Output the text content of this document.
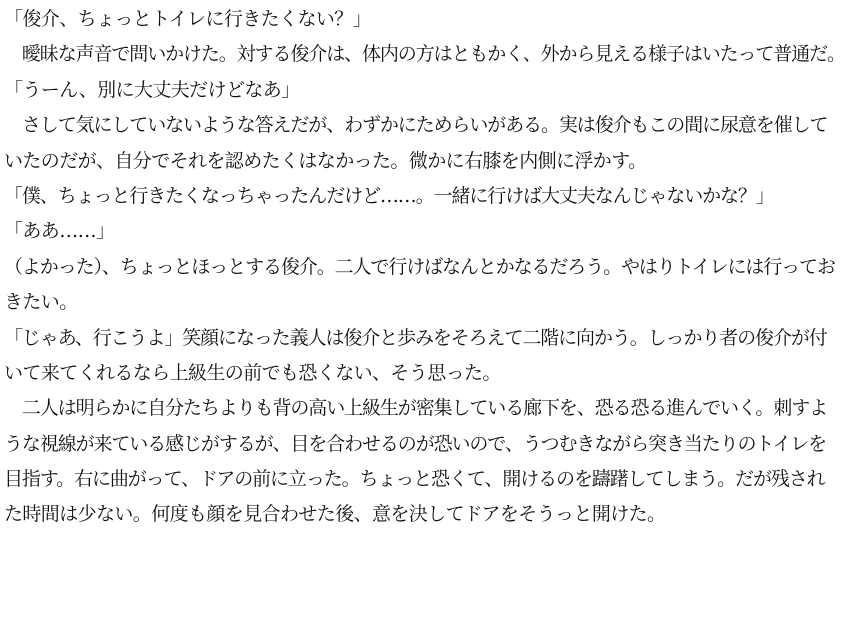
「俊介、ちょっとトイレに行きたくない？」
　曖昧な声音で問いかけた。対する俊介は、体内の方はともかく、外から見える様子はいたって普通だ。
「うーん、別に大丈夫だけどなあ」
　さして気にしていないような答えだが、わずかにためらいがある。実は俊介もこの間に尿意を催して
いたのだが、自分でそれを認めたくはなかった。微かに右膝を内側に浮かす。
「僕、ちょっと行きたくなっちゃったんだけど……。一緒に行けば大丈夫なんじゃないかな？」
「ああ……」
（よかった）、ちょっとほっとする俊介。二人で行けばなんとかなるだろう。やはりトイレには行ってお
きたい。
「じゃあ、行こうよ」笑顔になった義人は俊介と歩みをそろえて二階に向かう。しっかり者の俊介が付
いて来てくれるなら上級生の前でも恐くない、そう思った。
　二人は明らかに自分たちよりも背の高い上級生が密集している廊下を、恐る恐る進んでいく。刺すよ
うな視線が来ている感じがするが、目を合わせるのが恐いので、うつむきながら突き当たりのトイレを
目指す。右に曲がって、ドアの前に立った。ちょっと恐くて、開けるのを躊躇してしまう。だが残され
た時間は少ない。何度も顔を見合わせた後、意を決してドアをそうっと開けた。
